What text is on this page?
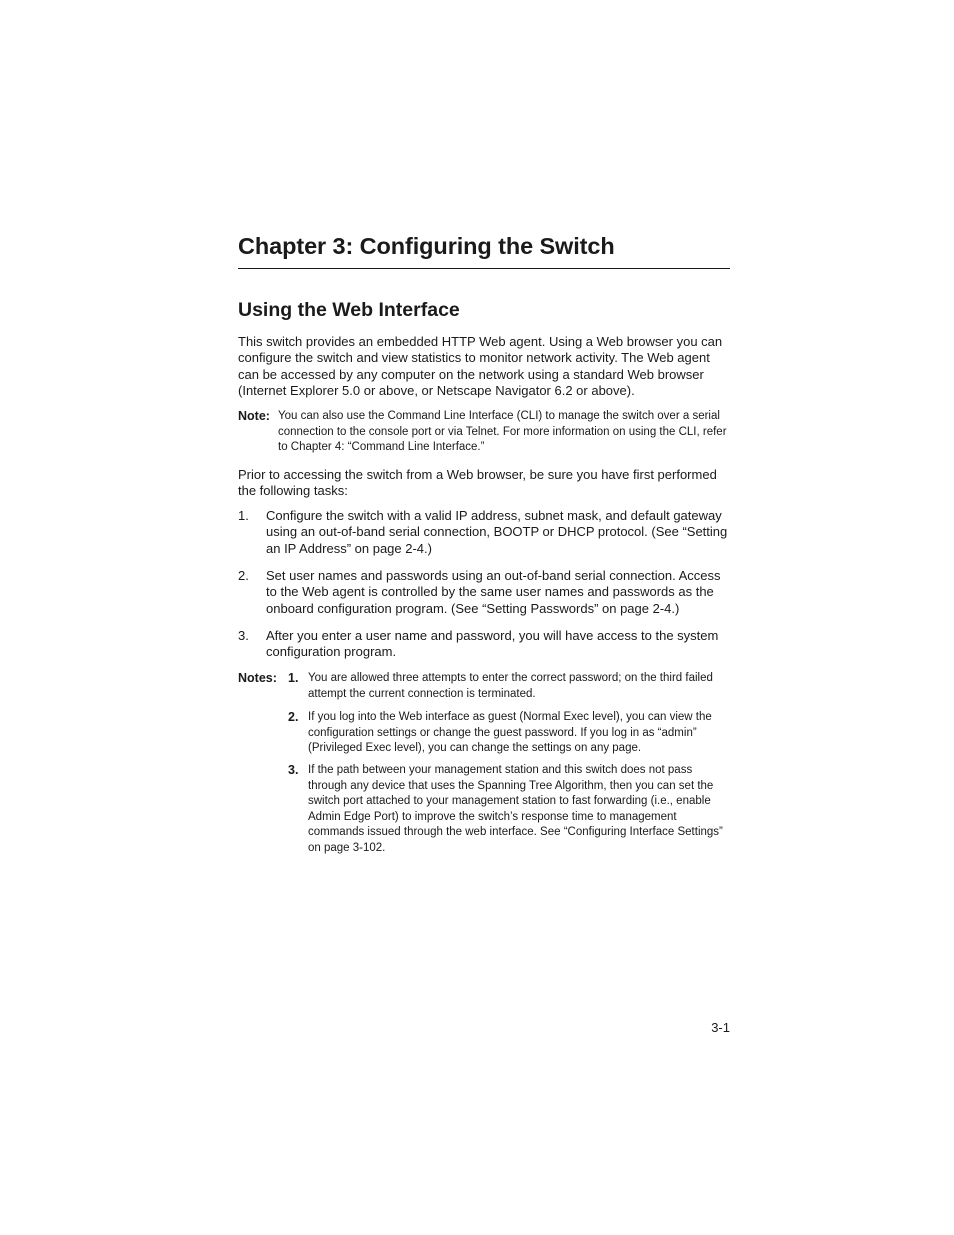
Chapter 3: Configuring the Switch
Using the Web Interface

This switch provides an embedded HTTP Web agent. Using a Web browser you can configure the switch and view statistics to monitor network activity. The Web agent can be accessed by any computer on the network using a standard Web browser (Internet Explorer 5.0 or above, or Netscape Navigator 6.2 or above).

Note: You can also use the Command Line Interface (CLI) to manage the switch over a serial connection to the console port or via Telnet. For more information on using the CLI, refer to Chapter 4: “Command Line Interface.”

Prior to accessing the switch from a Web browser, be sure you have first performed the following tasks:

1. Configure the switch with a valid IP address, subnet mask, and default gateway using an out-of-band serial connection, BOOTP or DHCP protocol. (See “Setting an IP Address” on page 2-4.)

2. Set user names and passwords using an out-of-band serial connection. Access to the Web agent is controlled by the same user names and passwords as the onboard configuration program. (See “Setting Passwords” on page 2-4.)

3. After you enter a user name and password, you will have access to the system configuration program.

Notes: 1. You are allowed three attempts to enter the correct password; on the third failed attempt the current connection is terminated.

2. If you log into the Web interface as guest (Normal Exec level), you can view the configuration settings or change the guest password. If you log in as “admin” (Privileged Exec level), you can change the settings on any page.

3. If the path between your management station and this switch does not pass through any device that uses the Spanning Tree Algorithm, then you can set the switch port attached to your management station to fast forwarding (i.e., enable Admin Edge Port) to improve the switch’s response time to management commands issued through the web interface. See “Configuring Interface Settings” on page 3-102.

3-1
